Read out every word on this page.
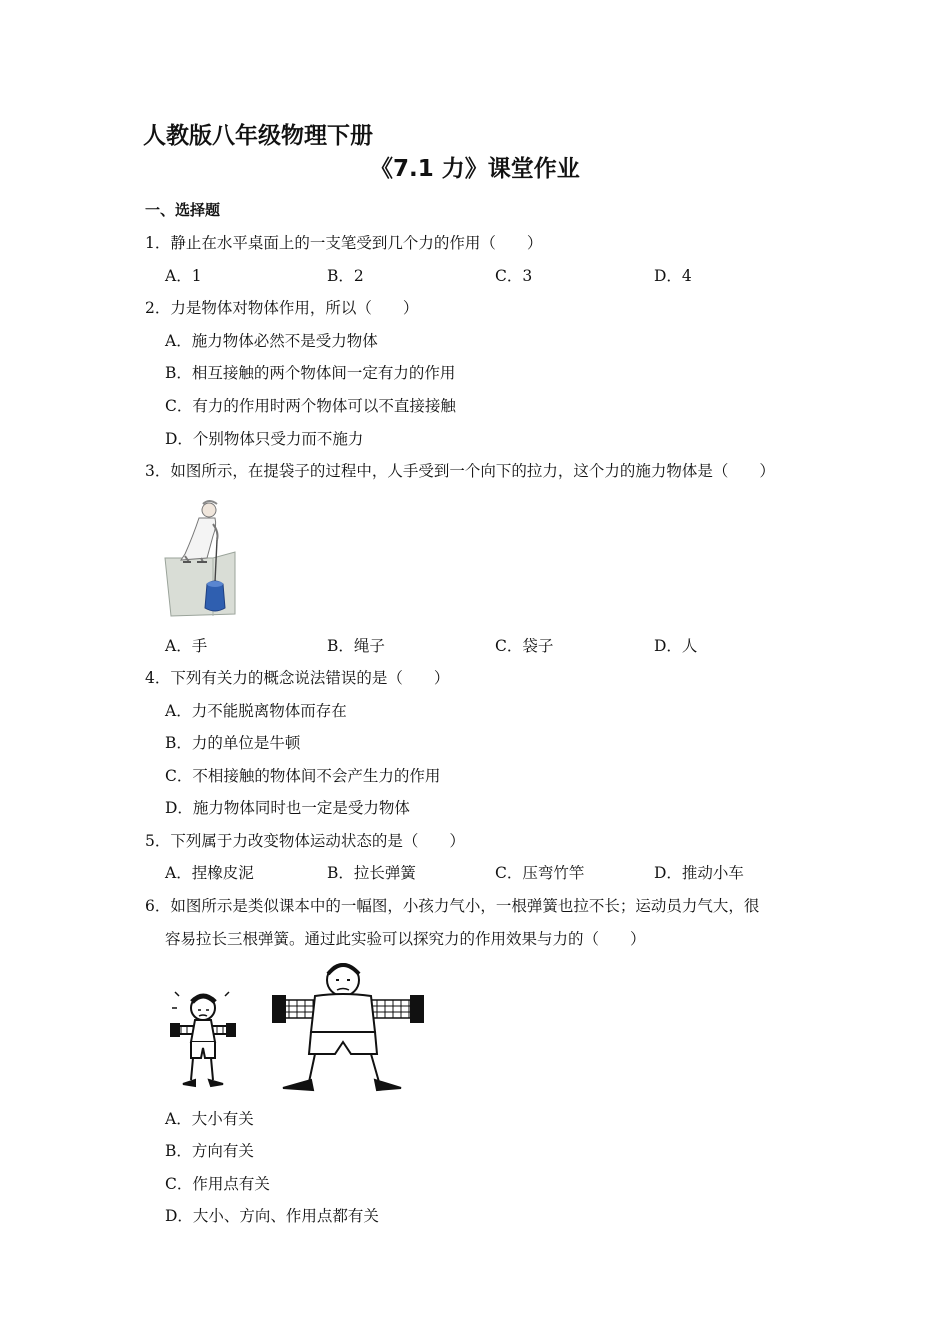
人教版八年级物理下册
《7.1 力》课堂作业
一、选择题
1．静止在水平桌面上的一支笔受到几个力的作用（　　）
A．1	B．2	C．3	D．4
2．力是物体对物体作用，所以（　　）
A．施力物体必然不是受力物体
B．相互接触的两个物体间一定有力的作用
C．有力的作用时两个物体可以不直接接触
D．个别物体只受力而不施力
3．如图所示，在提袋子的过程中，人手受到一个向下的拉力，这个力的施力物体是（　　）
A．手	B．绳子	C．袋子	D．人
4．下列有关力的概念说法错误的是（　　）
A．力不能脱离物体而存在
B．力的单位是牛顿
C．不相接触的物体间不会产生力的作用
D．施力物体同时也一定是受力物体
5．下列属于力改变物体运动状态的是（　　）
A．捏橡皮泥	B．拉长弹簧	C．压弯竹竿	D．推动小车
6．如图所示是类似课本中的一幅图，小孩力气小，一根弹簧也拉不长；运动员力气大，很
容易拉长三根弹簧。通过此实验可以探究力的作用效果与力的（　　）
A．大小有关
B．方向有关
C．作用点有关
D．大小、方向、作用点都有关
